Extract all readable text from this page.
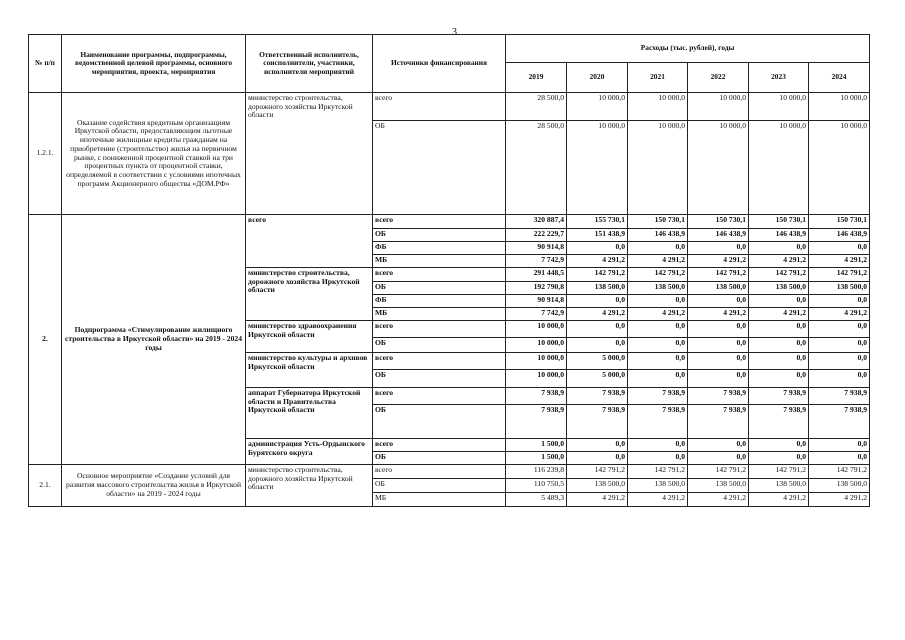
3
№ п/п	Наименование программы, подпрограммы, ведомственной целевой программы, основного мероприятия, проекта, мероприятия	Ответственный исполнитель, соисполнители, участники, исполнители мероприятий	Источники финансирования	Расходы (тыс. рублей), годы					
				2019	2020	2021	2022	2023	2024
1.2.1.	Оказание содействия кредитным организациям Иркутской области, предоставляющим льготные ипотечные жилищные кредиты гражданам на приобретение (строительство) жилья на первичном рынке, с пониженной процентной ставкой на три процентных пункта от процентной ставки, определяемой в соответствии с условиями ипотечных программ Акционерного общества «ДОМ.РФ»	министерство строительства, дорожного хозяйства Иркутской области	всего	28 500,0	10 000,0	10 000,0	10 000,0	10 000,0	10 000,0
			ОБ	28 500,0	10 000,0	10 000,0	10 000,0	10 000,0	10 000,0
2.	Подпрограмма «Стимулирование жилищного строительства в Иркутской области» на 2019 - 2024 годы	всего	всего	320 887,4	155 730,1	150 730,1	150 730,1	150 730,1	150 730,1
			ОБ	222 229,7	151 438,9	146 438,9	146 438,9	146 438,9	146 438,9
			ФБ	90 914,8	0,0	0,0	0,0	0,0	0,0
			МБ	7 742,9	4 291,2	4 291,2	4 291,2	4 291,2	4 291,2
		министерство строительства, дорожного хозяйства Иркутской области	всего	291 448,5	142 791,2	142 791,2	142 791,2	142 791,2	142 791,2
			ОБ	192 790,8	138 500,0	138 500,0	138 500,0	138 500,0	138 500,0
			ФБ	90 914,8	0,0	0,0	0,0	0,0	0,0
			МБ	7 742,9	4 291,2	4 291,2	4 291,2	4 291,2	4 291,2
		министерство здравоохранения Иркутской области	всего	10 000,0	0,0	0,0	0,0	0,0	0,0
			ОБ	10 000,0	0,0	0,0	0,0	0,0	0,0
		министерство культуры и архивов Иркутской области	всего	10 000,0	5 000,0	0,0	0,0	0,0	0,0
			ОБ	10 000,0	5 000,0	0,0	0,0	0,0	0,0
		аппарат Губернатора Иркутской области и Правительства Иркутской области	всего	7 938,9	7 938,9	7 938,9	7 938,9	7 938,9	7 938,9
			ОБ	7 938,9	7 938,9	7 938,9	7 938,9	7 938,9	7 938,9
		администрация Усть-Ордынского Бурятского округа	всего	1 500,0	0,0	0,0	0,0	0,0	0,0
			ОБ	1 500,0	0,0	0,0	0,0	0,0	0,0
2.1.	Основное мероприятие «Создание условий для развития массового строительства жилья в Иркутской области» на 2019 - 2024 годы	министерство строительства, дорожного хозяйства Иркутской области	всего	116 239,8	142 791,2	142 791,2	142 791,2	142 791,2	142 791,2
			ОБ	110 750,5	138 500,0	138 500,0	138 500,0	138 500,0	138 500,0
			МБ	5 489,3	4 291,2	4 291,2	4 291,2	4 291,2	4 291,2
